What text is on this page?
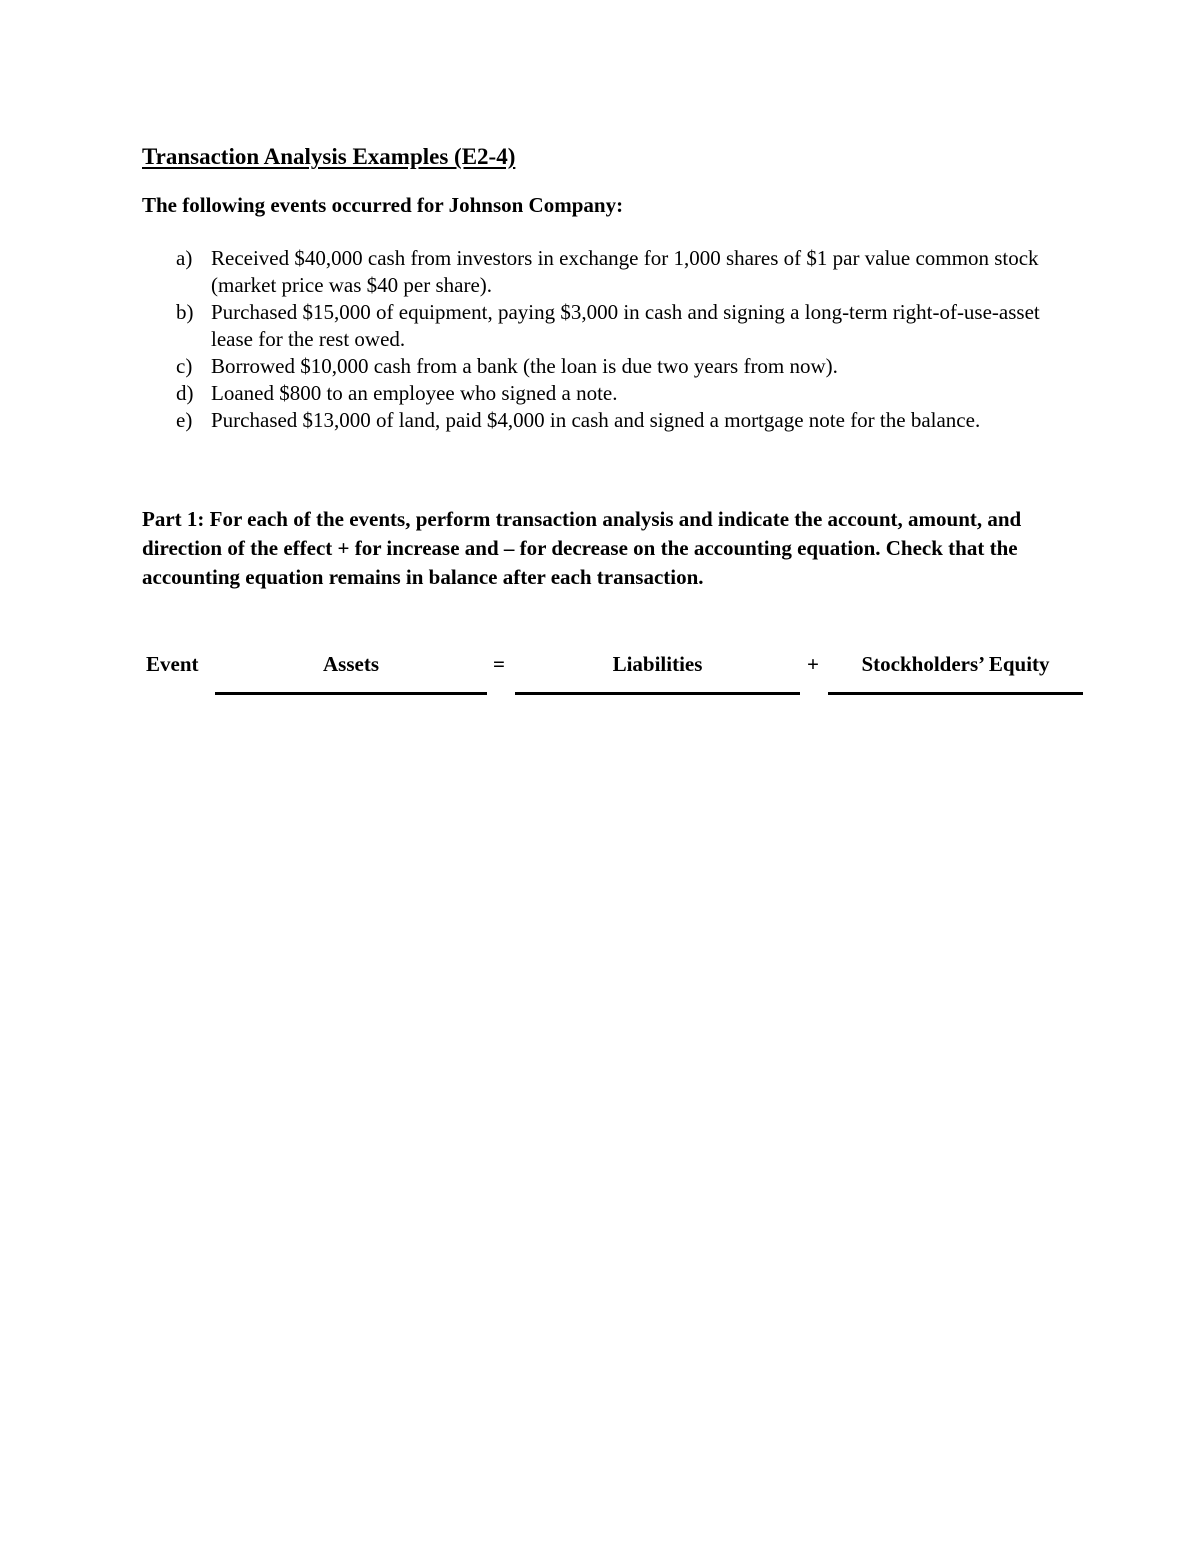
Transaction Analysis Examples (E2-4)
The following events occurred for Johnson Company:
a) Received $40,000 cash from investors in exchange for 1,000 shares of $1 par value common stock (market price was $40 per share).
b) Purchased $15,000 of equipment, paying $3,000 in cash and signing a long-term right-of-use-asset lease for the rest owed.
c) Borrowed $10,000 cash from a bank (the loan is due two years from now).
d) Loaned $800 to an employee who signed a note.
e) Purchased $13,000 of land, paid $4,000 in cash and signed a mortgage note for the balance.

Part 1: For each of the events, perform transaction analysis and indicate the account, amount, and direction of the effect + for increase and – for decrease on the accounting equation. Check that the accounting equation remains in balance after each transaction.

Event	Assets	=	Liabilities	+	Stockholders’ Equity
